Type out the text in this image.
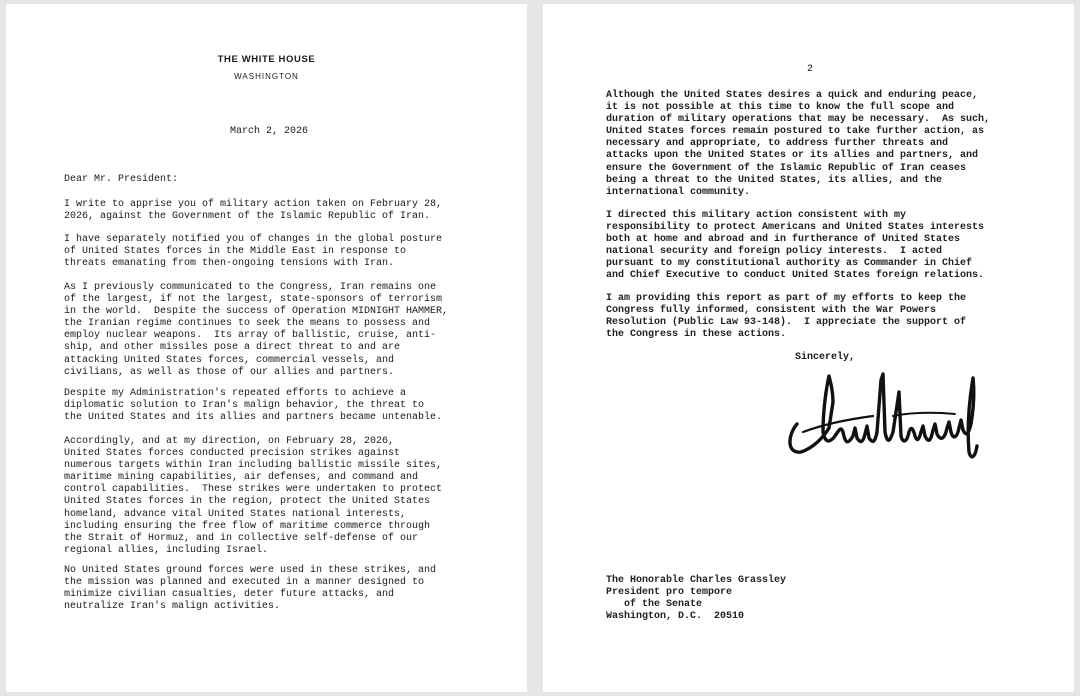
THE WHITE HOUSE
WASHINGTON
March 2, 2026
Dear Mr. President:

I write to apprise you of military action taken on February 28,
2026, against the Government of the Islamic Republic of Iran.

I have separately notified you of changes in the global posture
of United States forces in the Middle East in response to
threats emanating from then-ongoing tensions with Iran.

As I previously communicated to the Congress, Iran remains one
of the largest, if not the largest, state-sponsors of terrorism
in the world.  Despite the success of Operation MIDNIGHT HAMMER,
the Iranian regime continues to seek the means to possess and
employ nuclear weapons.  Its array of ballistic, cruise, anti-
ship, and other missiles pose a direct threat to and are
attacking United States forces, commercial vessels, and
civilians, as well as those of our allies and partners.

Despite my Administration's repeated efforts to achieve a
diplomatic solution to Iran's malign behavior, the threat to
the United States and its allies and partners became untenable.

Accordingly, and at my direction, on February 28, 2026,
United States forces conducted precision strikes against
numerous targets within Iran including ballistic missile sites,
maritime mining capabilities, air defenses, and command and
control capabilities.  These strikes were undertaken to protect
United States forces in the region, protect the United States
homeland, advance vital United States national interests,
including ensuring the free flow of maritime commerce through
the Strait of Hormuz, and in collective self-defense of our
regional allies, including Israel.

No United States ground forces were used in these strikes, and
the mission was planned and executed in a manner designed to
minimize civilian casualties, deter future attacks, and
neutralize Iran's malign activities.

2

Although the United States desires a quick and enduring peace,
it is not possible at this time to know the full scope and
duration of military operations that may be necessary.  As such,
United States forces remain postured to take further action, as
necessary and appropriate, to address further threats and
attacks upon the United States or its allies and partners, and
ensure the Government of the Islamic Republic of Iran ceases
being a threat to the United States, its allies, and the
international community.

I directed this military action consistent with my
responsibility to protect Americans and United States interests
both at home and abroad and in furtherance of United States
national security and foreign policy interests.  I acted
pursuant to my constitutional authority as Commander in Chief
and Chief Executive to conduct United States foreign relations.

I am providing this report as part of my efforts to keep the
Congress fully informed, consistent with the War Powers
Resolution (Public Law 93-148).  I appreciate the support of
the Congress in these actions.

Sincerely,
The Honorable Charles Grassley
President pro tempore
of the Senate
Washington, D.C.  20510
